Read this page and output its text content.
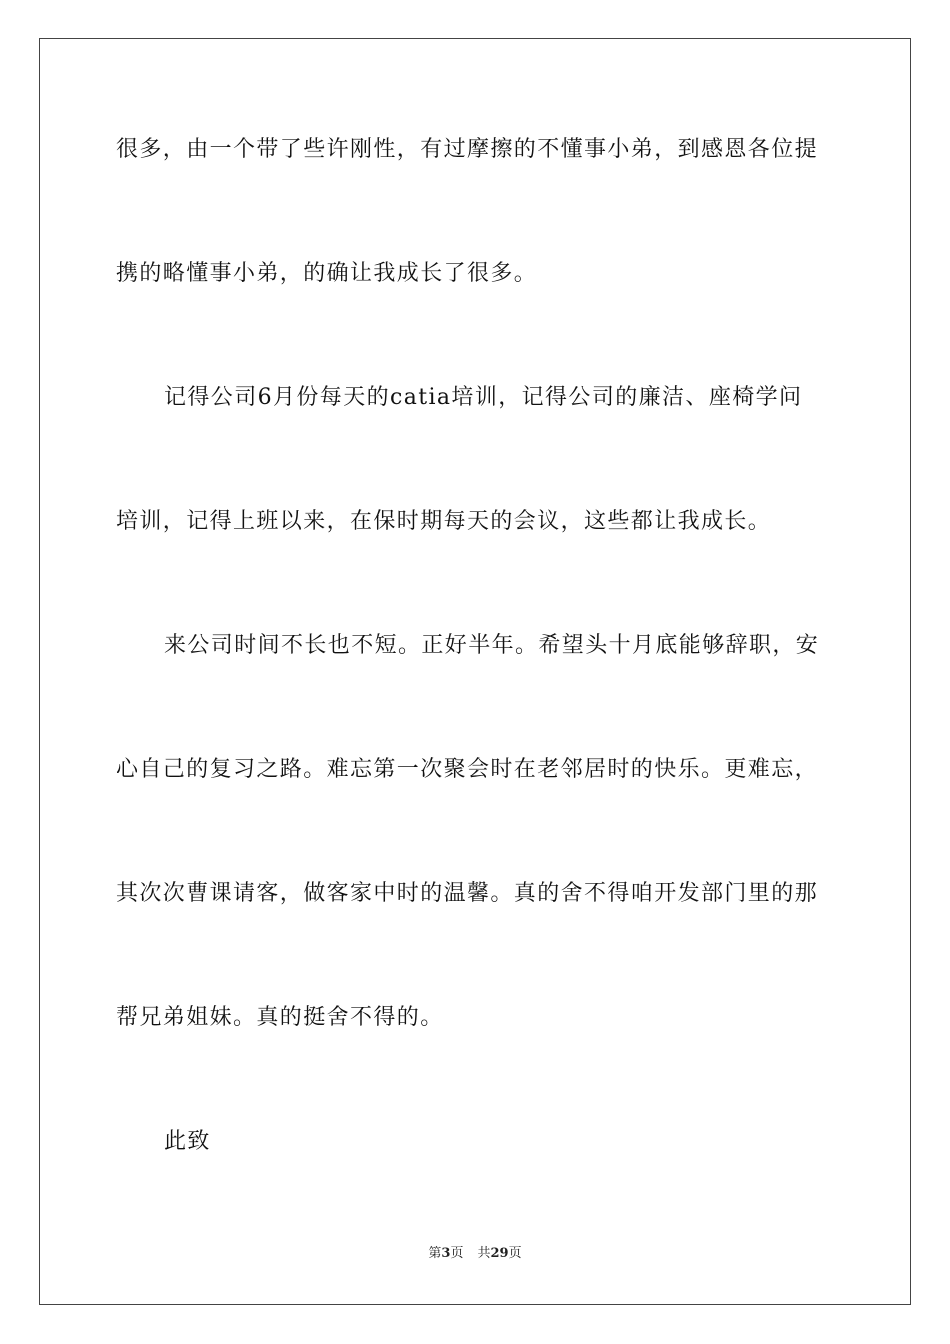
很多，由一个带了些许刚性，有过摩擦的不懂事小弟，到感恩各位提
携的略懂事小弟，的确让我成长了很多。
记得公司6月份每天的catia培训，记得公司的廉洁、座椅学问
培训，记得上班以来，在保时期每天的会议，这些都让我成长。
来公司时间不长也不短。正好半年。希望头十月底能够辞职，安
心自己的复习之路。难忘第一次聚会时在老邻居时的快乐。更难忘，
其次次曹课请客，做客家中时的温馨。真的舍不得咱开发部门里的那
帮兄弟姐妹。真的挺舍不得的。
此致
第3页 共29页
